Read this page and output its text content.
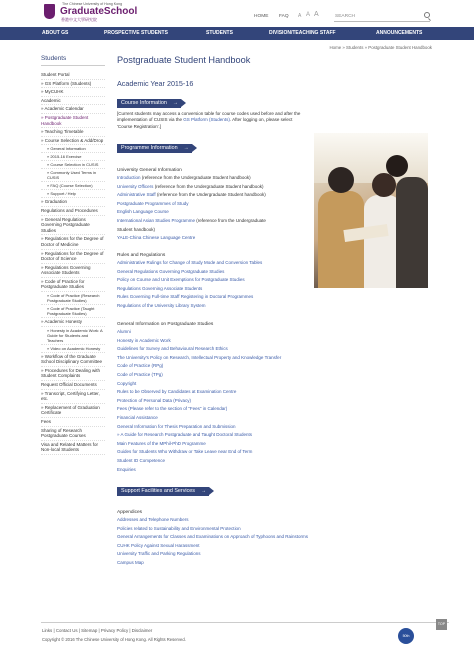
The Chinese University of Hong Kong
GraduateSchool
香港中文大學研究院
HOME FAQ A A A	SEARCH
ABOUT GS	PROSPECTIVE STUDENTS	STUDENTS	DIVISION/TEACHING STAFF	ANNOUNCEMENTS
Home » Students » Postgraduate Student Handbook
Students
Student Portal
» GS Platform (Students)
» MyCUHK
Academic
» Academic Calendar
» Postgraduate Student Handbook
» Teaching Timetable
» Course Selection & Add/Drop
» General Information
» 2015-16 Exercise
» Course Selection in CUSIS
» Commonly Used Terms in CUSIS
» FAQ (Course Selection)
» Support / Help
» Graduation
Regulations and Procedures
» General Regulations Governing Postgraduate Studies
» Regulations for the Degree of Doctor of Medicine
» Regulations for the Degree of Doctor of Science
» Regulations Governing Associate Students
» Code of Practice for Postgraduate Studies
» Code of Practice (Research Postgraduate Studies)
» Code of Practice (Taught Postgraduate Studies)
» Academic Honesty
» Honesty in Academic Work: A Guide for Students and Teachers
» Video on Academic Honesty
» Workflow of the Graduate School Disciplinary Committee
» Procedures for Dealing with Student Complaints
Request Official Documents
» Transcript, Certifying Letter, etc.
» Replacement of Graduation Certificate
Fees
Sharing of Research Postgraduate Courses
Visa and Related Matters for Non-local Students
Postgraduate Student Handbook
Academic Year 2015-16
Course Information →
[Current students may access a conversion table for course codes used before and after the implementation of CUSIS via the GS Platform (Students). After logging on, please select 'Course Registration'.]
Programme Information →
University General Information
Introduction (reference from the Undergraduate Student handbook)
University Officers (reference from the Undergraduate Student handbook)
Administrative Staff (reference from the Undergraduate Student handbook)
Postgraduate Programmes of Study
English Language Course
International Asian Studies Programme (reference from the Undergraduate
Student handbook)
YALE-China Chinese Language Centre
Rules and Regulations
Administrative Rulings for Change of Study Mode and Conversion Tables
General Regulations Governing Postgraduate Studies
Policy on Course and Unit Exemptions for Postgraduate Studies
Regulations Governing Associate Students
Rules Governing Full-time Staff Registering in Doctoral Programmes
Regulations of the University Library System
General Information on Postgraduate Studies
Alumni
Honesty in Academic Work
Guidelines for Survey and Behavioural Research Ethics
The University's Policy on Research, Intellectual Property and Knowledge Transfer
Code of Practice (RPg)
Code of Practice (TPg)
Copyright
Rules to be Observed by Candidates at Examination Centre
Protection of Personal Data (Privacy)
Fees (Please refer to the section of "Fees" in Calendar)
Financial Assistance
General Information for Thesis Preparation and Submission
» A Guide for Research Postgraduate and Taught Doctoral Students
Main Features of the MPhil-PhD Programme
Guides for Students Who Withdraw or Take Leave near End of Term
Student ID Competence
Enquiries
Support Facilities and Services →
Appendices
Addresses and Telephone Numbers
Policies related to Sustainability and Environmental Protection
General Arrangements for Classes and Examinations on Approach of Typhoons and Rainstorms
CUHK Policy Against Sexual Harassment
University Traffic and Parking Regulations
Campus Map
Links | Contact Us | Sitemap | Privacy Policy | Disclaimer
Copyright © 2016 The Chinese University of Hong Kong. All Rights Reserved.
50th
TOP
